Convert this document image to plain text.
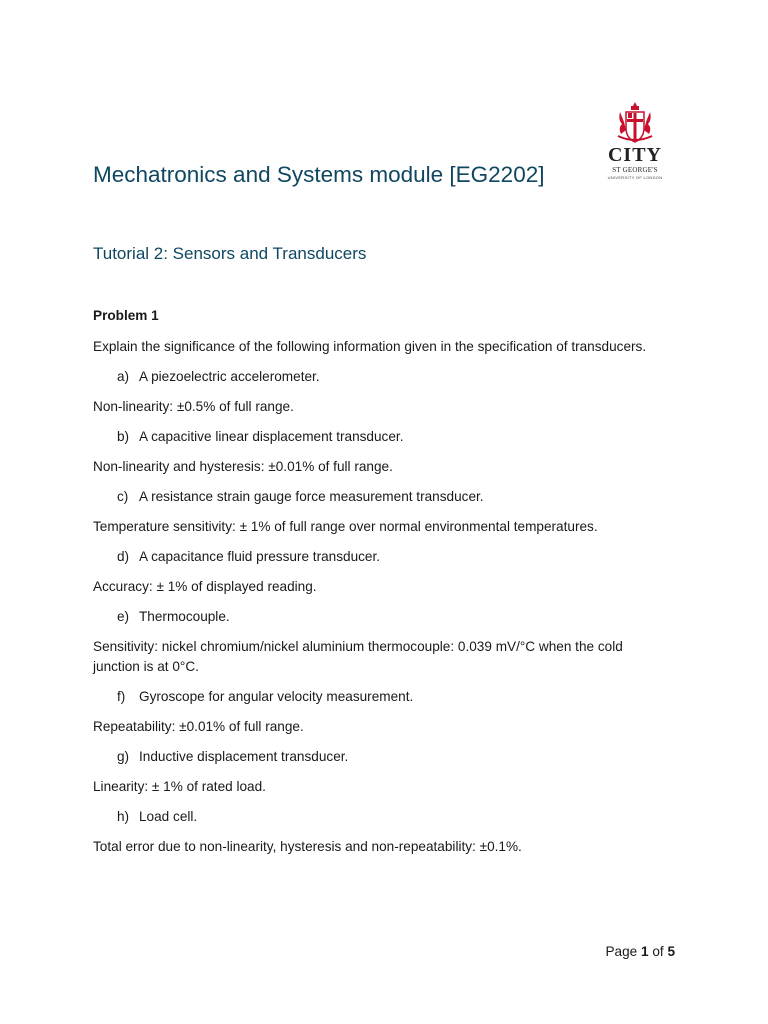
CITY
ST GEORGE'S
UNIVERSITY OF LONDON
Mechatronics and Systems module [EG2202]
Tutorial 2: Sensors and Transducers

Problem 1

Explain the significance of the following information given in the specification of transducers.

a) A piezoelectric accelerometer.

Non-linearity: ±0.5% of full range.

b) A capacitive linear displacement transducer.

Non-linearity and hysteresis: ±0.01% of full range.

c) A resistance strain gauge force measurement transducer.

Temperature sensitivity: ± 1% of full range over normal environmental temperatures.

d) A capacitance fluid pressure transducer.

Accuracy: ± 1% of displayed reading.

e) Thermocouple.

Sensitivity: nickel chromium/nickel aluminium thermocouple: 0.039 mV/°C when the cold junction is at 0°C.

f)	Gyroscope for angular velocity measurement.

Repeatability: ±0.01% of full range.

g) Inductive displacement transducer.

Linearity: ± 1% of rated load.

h) Load cell.

Total error due to non-linearity, hysteresis and non-repeatability: ±0.1%.

Page 1 of 5
